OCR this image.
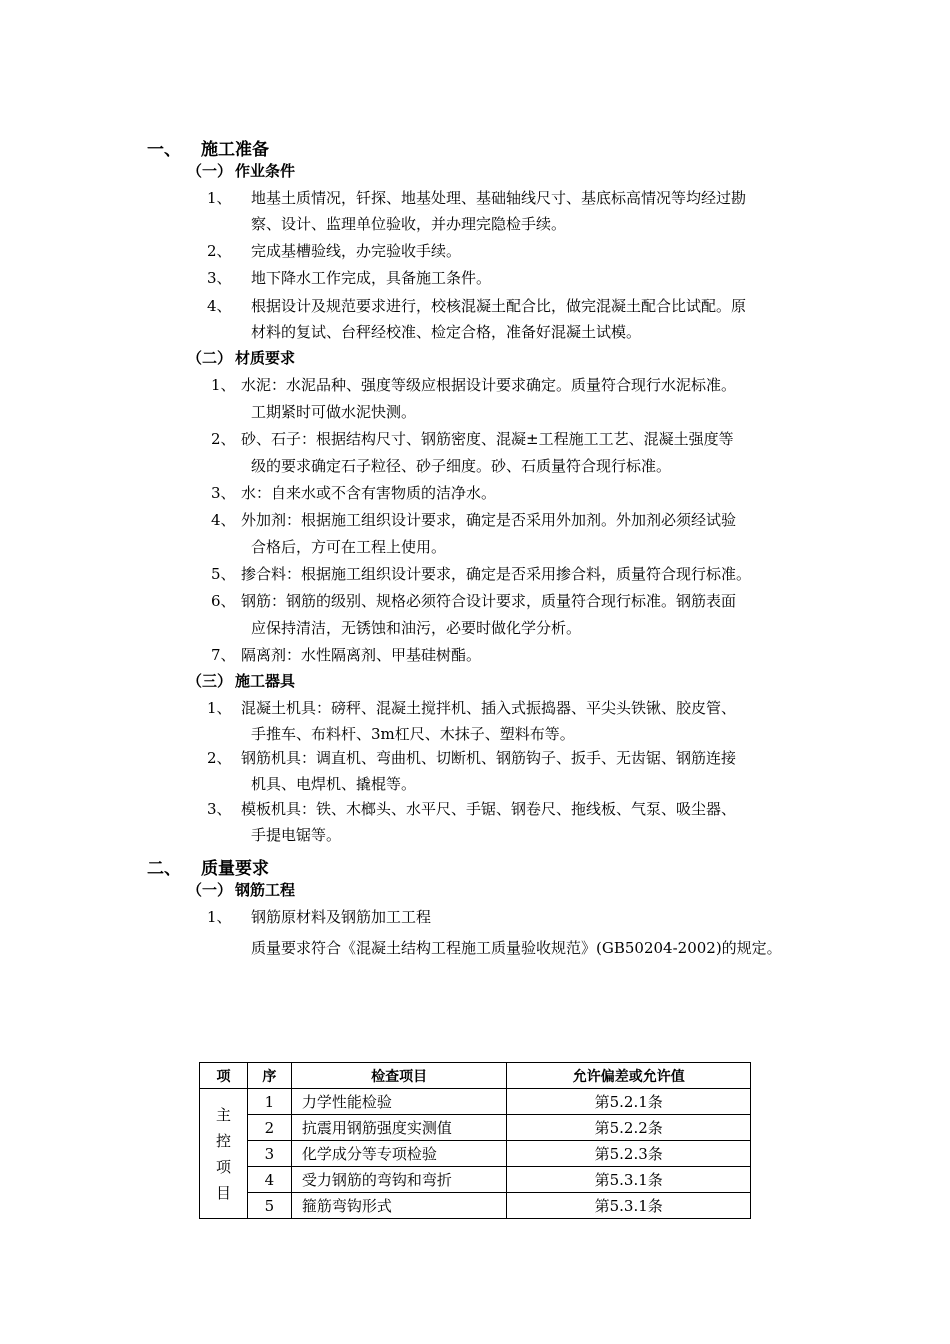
一、 施工准备
（一） 作业条件
1、 地基土质情况，钎探、地基处理、基础轴线尺寸、基底标高情况等均经过勘
察、设计、监理单位验收，并办理完隐检手续。
2、 完成基槽验线，办完验收手续。
3、 地下降水工作完成，具备施工条件。
4、 根据设计及规范要求进行，校核混凝土配合比，做完混凝土配合比试配。原
材料的复试、台秤经校准、检定合格，准备好混凝土试模。
（二） 材质要求
1、 水泥：水泥品种、强度等级应根据设计要求确定。质量符合现行水泥标准。
工期紧时可做水泥快测。
2、 砂、石子：根据结构尺寸、钢筋密度、混凝±工程施工工艺、混凝土强度等
级的要求确定石子粒径、砂子细度。砂、石质量符合现行标准。
3、 水：自来水或不含有害物质的洁净水。
4、 外加剂：根据施工组织设计要求，确定是否采用外加剂。外加剂必须经试验
合格后，方可在工程上使用。
5、 掺合料：根据施工组织设计要求，确定是否采用掺合料，质量符合现行标准。
6、 钢筋：钢筋的级别、规格必须符合设计要求，质量符合现行标准。钢筋表面
应保持清洁，无锈蚀和油污，必要时做化学分析。
7、 隔离剂：水性隔离剂、甲基硅树酯。
（三） 施工器具
1、 混凝土机具：磅秤、混凝土搅拌机、插入式振捣器、平尖头铁锹、胶皮管、
手推车、布料杆、3m杠尺、木抹子、塑料布等。
2、 钢筋机具：调直机、弯曲机、切断机、钢筋钩子、扳手、无齿锯、钢筋连接
机具、电焊机、撬棍等。
3、 模板机具：铁、木榔头、水平尺、手锯、钢卷尺、拖线板、气泵、吸尘器、
手提电锯等。
二、 质量要求
（一） 钢筋工程
1、 钢筋原材料及钢筋加工工程
质量要求符合《混凝土结构工程施工质量验收规范》(GB50204-2002)的规定。
项	序	检查项目	允许偏差或允许值

主
控
项
目	1	力学性能检验	第5.2.1条
	2	抗震用钢筋强度实测值	第5.2.2条
	3	化学成分等专项检验	第5.2.3条
	4	受力钢筋的弯钩和弯折	第5.3.1条
	5	箍筋弯钩形式	第5.3.1条
